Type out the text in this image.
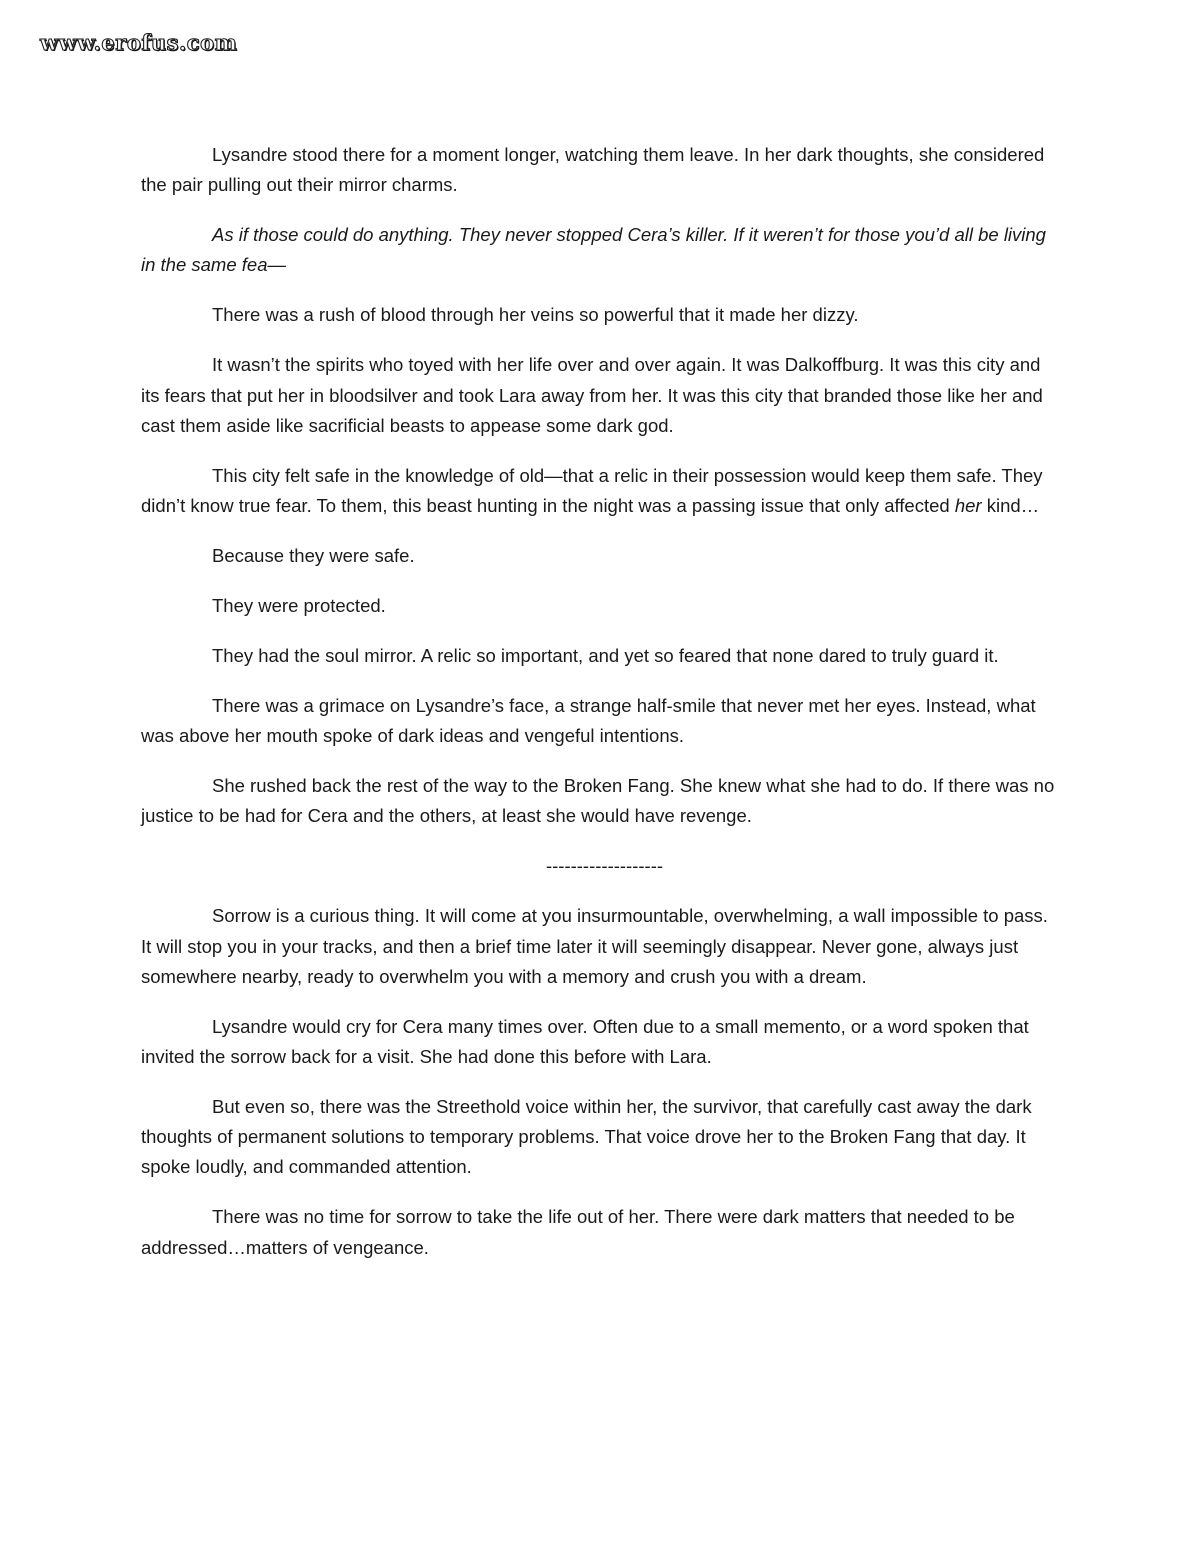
www.erofus.com

Lysandre stood there for a moment longer, watching them leave. In her dark thoughts, she considered the pair pulling out their mirror charms.

As if those could do anything. They never stopped Cera’s killer. If it weren’t for those you’d all be living in the same fea—

There was a rush of blood through her veins so powerful that it made her dizzy.

It wasn’t the spirits who toyed with her life over and over again. It was Dalkoffburg. It was this city and its fears that put her in bloodsilver and took Lara away from her. It was this city that branded those like her and cast them aside like sacrificial beasts to appease some dark god.

This city felt safe in the knowledge of old—that a relic in their possession would keep them safe. They didn’t know true fear. To them, this beast hunting in the night was a passing issue that only affected her kind…

Because they were safe.

They were protected.

They had the soul mirror. A relic so important, and yet so feared that none dared to truly guard it.

There was a grimace on Lysandre’s face, a strange half-smile that never met her eyes. Instead, what was above her mouth spoke of dark ideas and vengeful intentions.

She rushed back the rest of the way to the Broken Fang. She knew what she had to do. If there was no justice to be had for Cera and the others, at least she would have revenge.

-------------------

Sorrow is a curious thing. It will come at you insurmountable, overwhelming, a wall impossible to pass. It will stop you in your tracks, and then a brief time later it will seemingly disappear. Never gone, always just somewhere nearby, ready to overwhelm you with a memory and crush you with a dream.

Lysandre would cry for Cera many times over. Often due to a small memento, or a word spoken that invited the sorrow back for a visit. She had done this before with Lara.

But even so, there was the Streethold voice within her, the survivor, that carefully cast away the dark thoughts of permanent solutions to temporary problems. That voice drove her to the Broken Fang that day. It spoke loudly, and commanded attention.

There was no time for sorrow to take the life out of her. There were dark matters that needed to be addressed…matters of vengeance.
